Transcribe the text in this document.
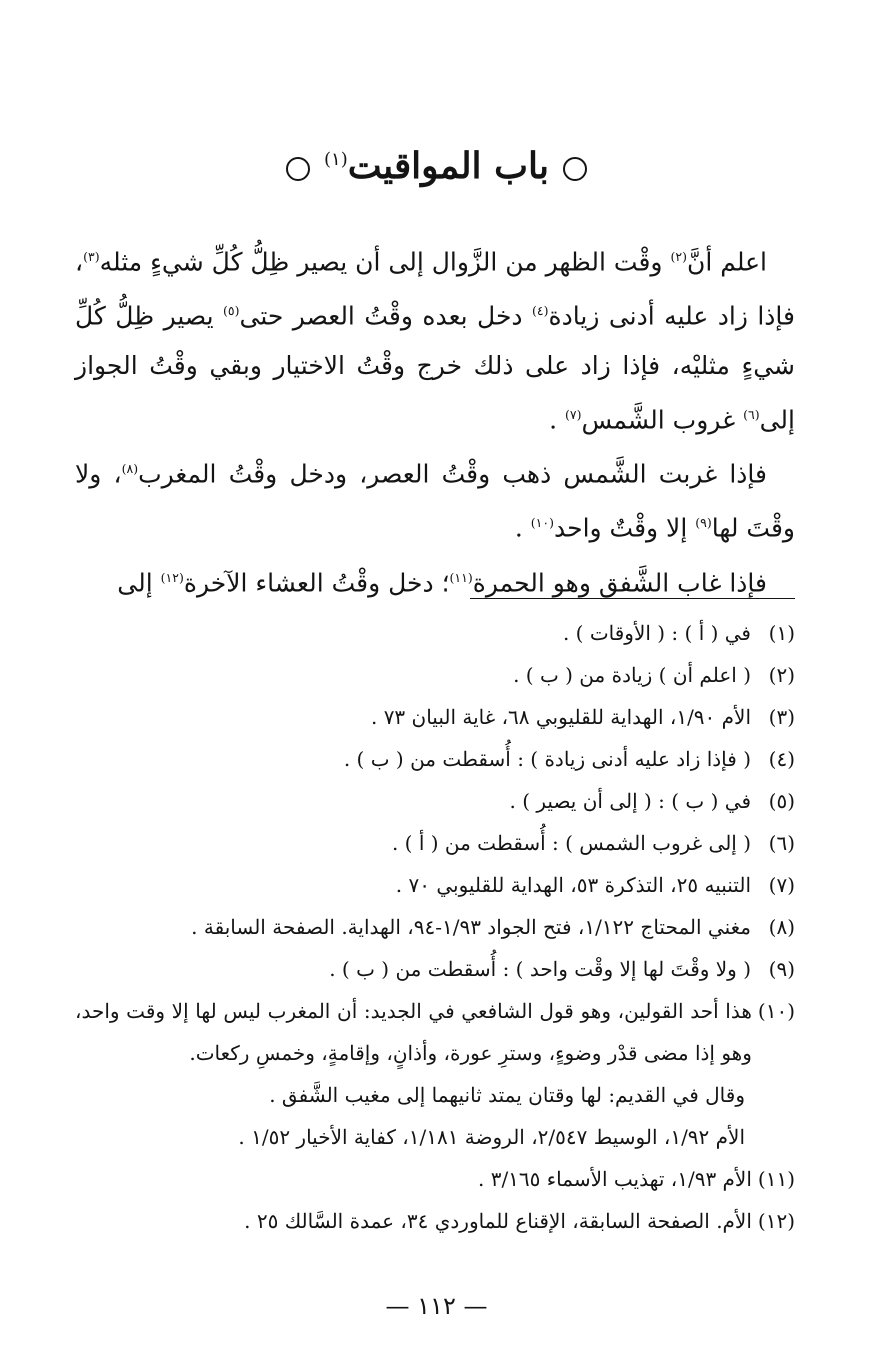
باب المواقيت$^{(١)}$

اعلم أنَّ$^{(٢)}$ وقْت الظهر من الزَّوال إلى أن يصير ظِلُّ كُلِّ شيءٍ مثله$^{(٣)}$، فإذا زاد عليه أدنى زيادة$^{(٤)}$ دخل بعده وقْتُ العصر حتى$^{(٥)}$ يصير ظِلُّ كُلِّ شيءٍ مثليْه، فإذا زاد على ذلك خرج وقْتُ الاختيار وبقي وقْتُ الجواز إلى$^{(٦)}$ غروب الشَّمس$^{(٧)}$ .

فإذا غربت الشَّمس ذهب وقْتُ العصر، ودخل وقْتُ المغرب$^{(٨)}$، ولا وقْتَ لها$^{(٩)}$ إلا وقْتٌ واحد$^{(١٠)}$ .

فإذا غاب الشَّفق وهو الحمرة$^{(١١)}$؛ دخل وقْتُ العشاء الآخرة$^{(١٢)}$ إلى

(١)
في ( أ ) : ( الأوقات ) .
(٢)
( اعلم أن ) زيادة من ( ب ) .
(٣)
الأم ١/٩٠، الهداية للقليوبي ٦٨، غاية البيان ٧٣ .
(٤)
( فإذا زاد عليه أدنى زيادة ) : أُسقطت من ( ب ) .
(٥)
في ( ب ) : ( إلى أن يصير ) .
(٦)
( إلى غروب الشمس ) : أُسقطت من ( أ ) .
(٧)
التنبيه ٢٥، التذكرة ٥٣، الهداية للقليوبي ٧٠ .
(٨)
مغني المحتاج ١/١٢٢، فتح الجواد ١/٩٣-٩٤، الهداية. الصفحة السابقة .
(٩)
( ولا وقْتَ لها إلا وقْت واحد ) : أُسقطت من ( ب ) .
(١٠)
هذا أحد القولين، وهو قول الشافعي في الجديد: أن المغرب ليس لها إلا وقت واحد، وهو إذا مضى قدْر وضوءٍ، وسترِ عورة، وأذانٍ، وإقامةٍ، وخمسِ ركعات.
وقال في القديم: لها وقتان يمتد ثانيهما إلى مغيب الشَّفق .
الأم ١/٩٢، الوسيط ٢/٥٤٧، الروضة ١/١٨١، كفاية الأخيار ١/٥٢ .
(١١)
الأم ١/٩٣، تهذيب الأسماء ٣/١٦٥ .
(١٢)
الأم. الصفحة السابقة، الإقناع للماوردي ٣٤، عمدة السَّالك ٢٥ .
— ١١٢ —
